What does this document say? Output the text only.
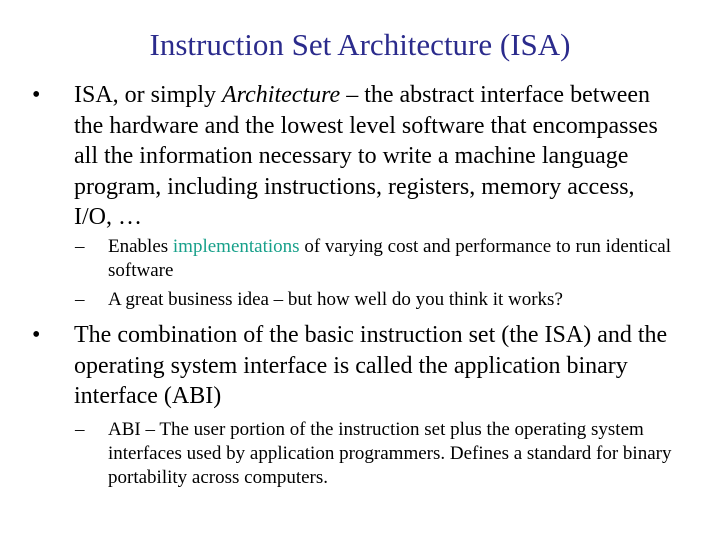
Instruction Set Architecture (ISA)
• ISA, or simply Architecture – the abstract interface between the hardware and the lowest level software that encompasses all the information necessary to write a machine language program, including instructions, registers, memory access, I/O, …
– Enables implementations of varying cost and performance to run identical software
– A great business idea – but how well do you think it works?
• The combination of the basic instruction set (the ISA) and the operating system interface is called the application binary interface (ABI)
– ABI – The user portion of the instruction set plus the operating system interfaces used by application programmers. Defines a standard for binary portability across computers.
